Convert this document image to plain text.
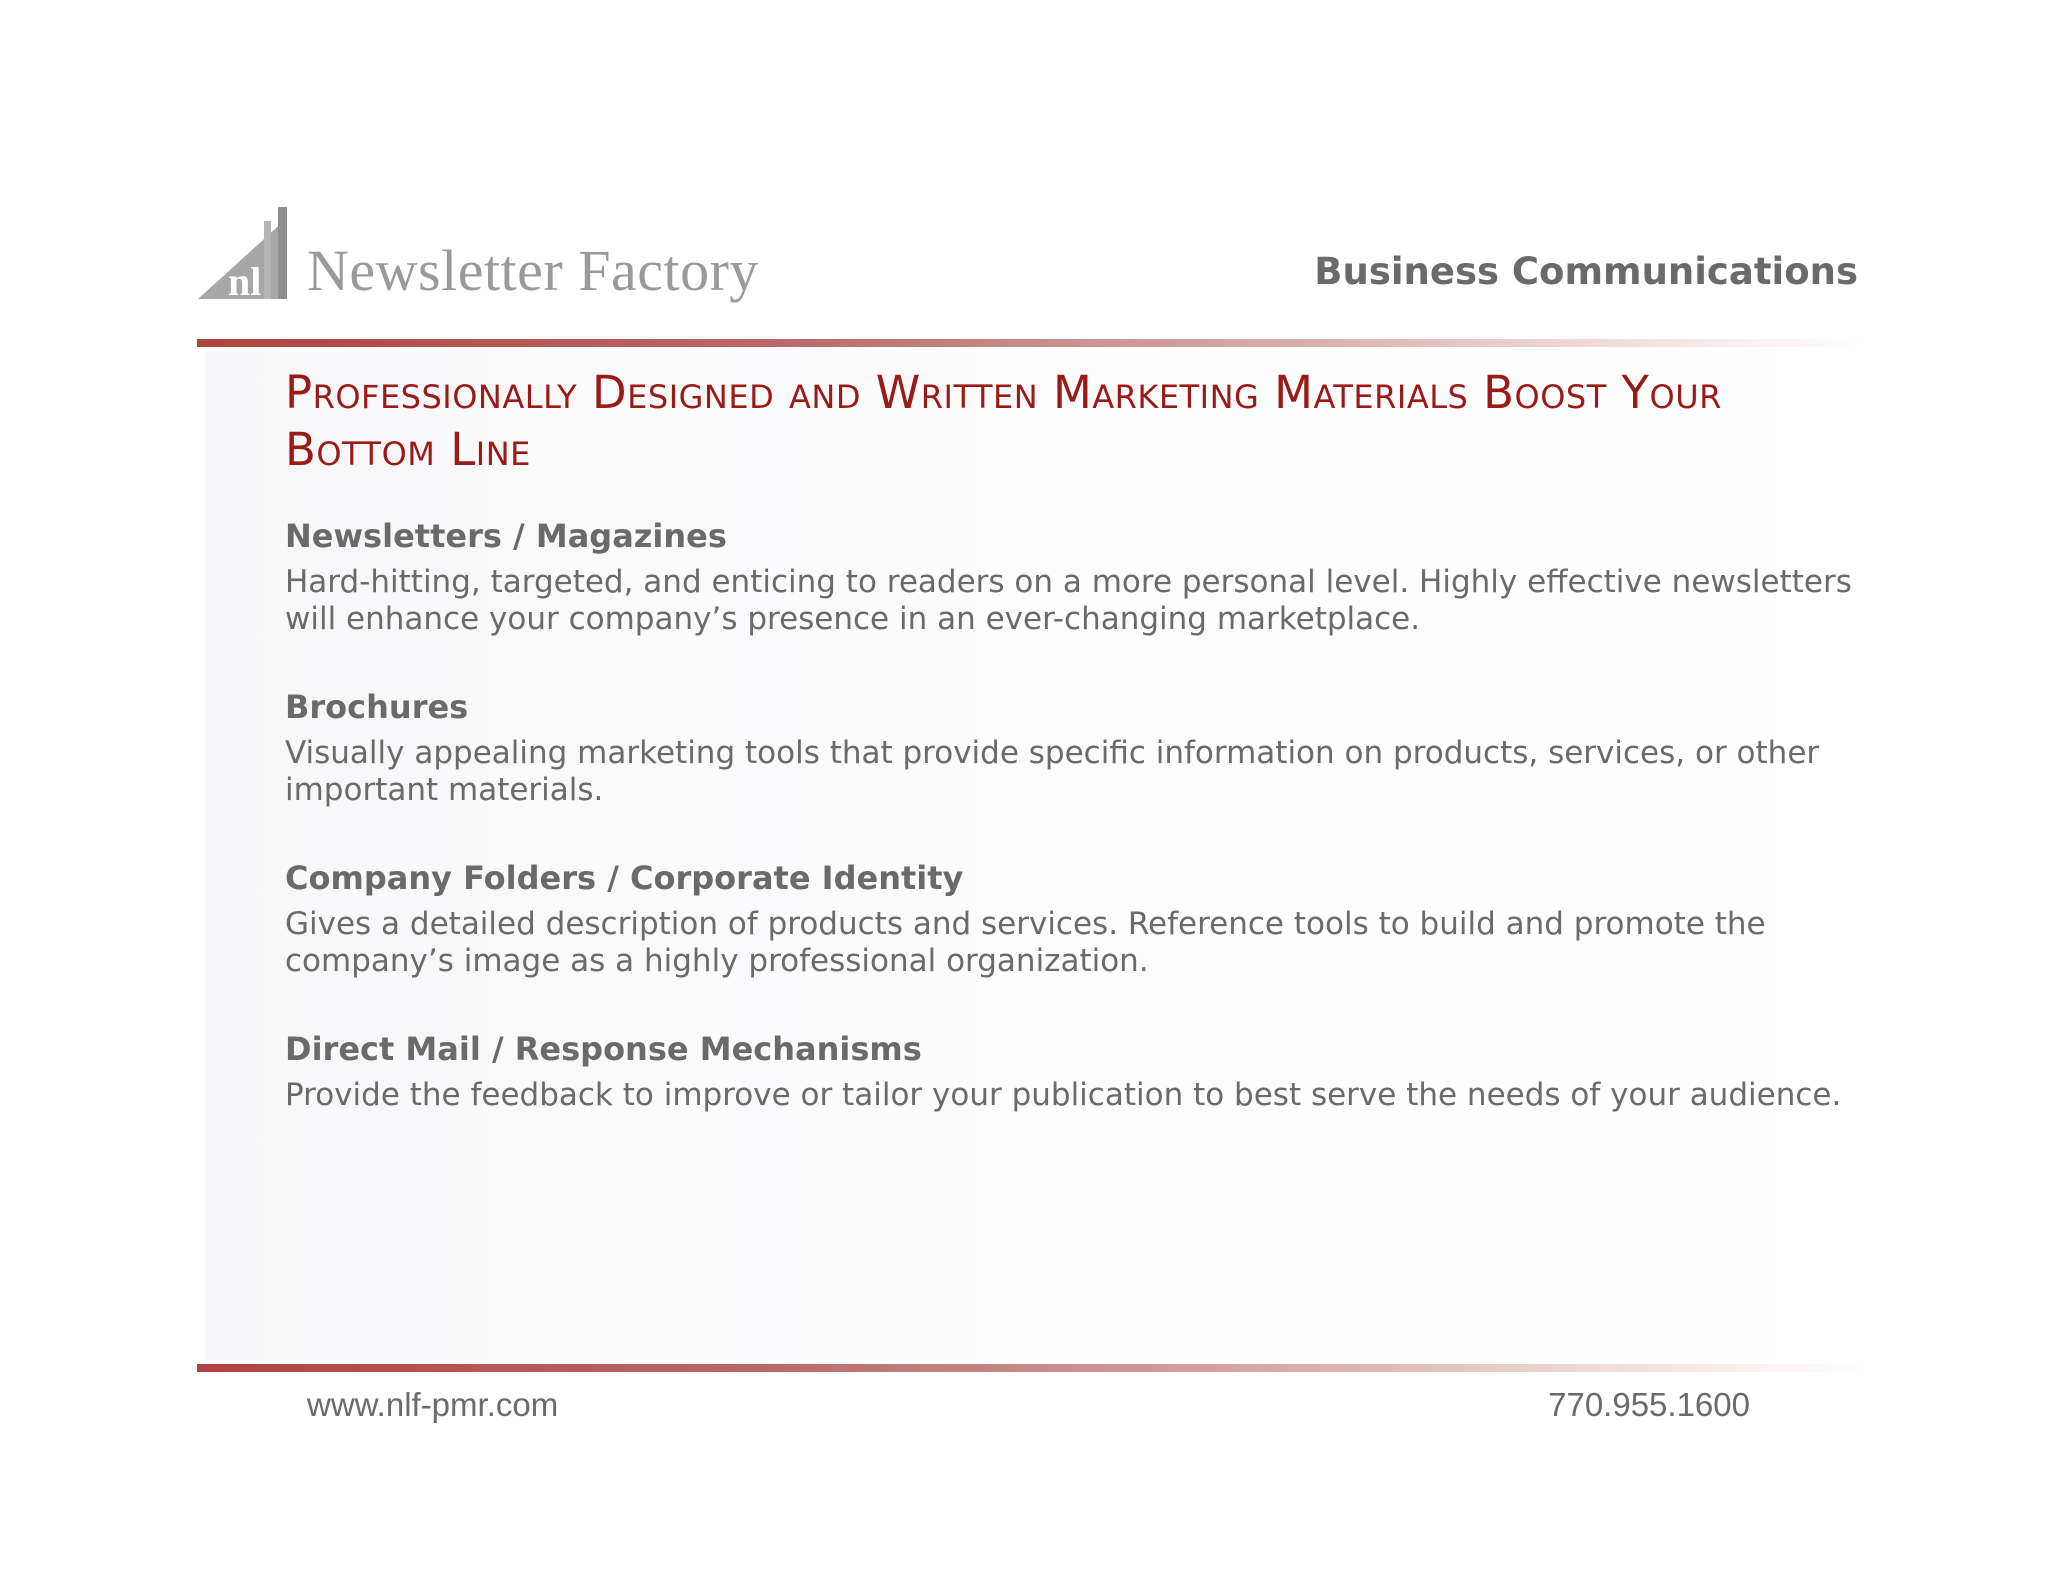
nl Newsletter Factory	Business Communications
Professionally Designed and Written Marketing Materials Boost Your Bottom Line
Newsletters / Magazines
Hard-hitting, targeted, and enticing to readers on a more personal level. Highly effective newsletters will enhance your company’s presence in an ever-changing marketplace.
Brochures
Visually appealing marketing tools that provide specific information on products, services, or other important materials.
Company Folders / Corporate Identity
Gives a detailed description of products and services. Reference tools to build and promote the company’s image as a highly professional organization.
Direct Mail / Response Mechanisms
Provide the feedback to improve or tailor your publication to best serve the needs of your audience.
www.nlf-pmr.com	770.955.1600
